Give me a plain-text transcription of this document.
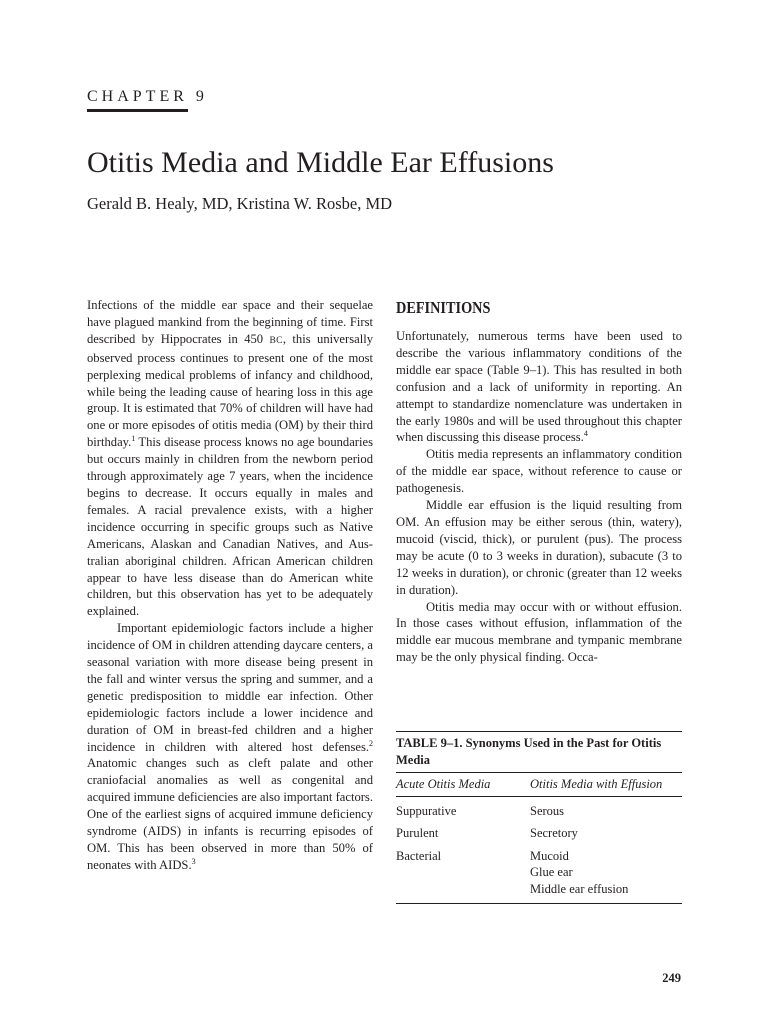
CHAPTER 9
Otitis Media and Middle Ear Effusions

Gerald B. Healy, MD, Kristina W. Rosbe, MD

Infections of the middle ear space and their sequelae have plagued mankind from the beginning of time. First described by Hippocrates in 450 BC, this universally observed process continues to present one of the most perplexing medical problems of infancy and childhood, while being the leading cause of hearing loss in this age group. It is estimated that 70% of children will have had one or more episodes of otitis media (OM) by their third birthday.$^1$ This disease process knows no age boundaries but occurs mainly in children from the newborn period through approximately age 7 years, when the incidence begins to decrease. It occurs equally in males and females. A racial prevalence exists, with a higher incidence occurring in specific groups such as Native Americans, Alaskan and Canadian Natives, and Australian aboriginal children. African American children appear to have less disease than do American white children, but this observation has yet to be adequately explained.

Important epidemiologic factors include a higher incidence of OM in children attending daycare centers, a seasonal variation with more disease being present in the fall and winter versus the spring and summer, and a genetic predisposition to middle ear infection. Other epidemiologic factors include a lower incidence and duration of OM in breast-fed children and a higher incidence in children with altered host defenses.$^2$ Anatomic changes such as cleft palate and other craniofacial anomalies as well as congenital and acquired immune deficiencies are also important factors. One of the earliest signs of acquired immune deficiency syndrome (AIDS) in infants is recurring episodes of OM. This has been observed in more than 50% of neonates with AIDS.$^3$

DEFINITIONS

Unfortunately, numerous terms have been used to describe the various inflammatory conditions of the middle ear space (Table 9–1). This has resulted in both confusion and a lack of uniformity in reporting. An attempt to standardize nomenclature was undertaken in the early 1980s and will be used throughout this chapter when discussing this disease process.$^4$

Otitis media represents an inflammatory condition of the middle ear space, without reference to cause or pathogenesis.

Middle ear effusion is the liquid resulting from OM. An effusion may be either serous (thin, watery), mucoid (viscid, thick), or purulent (pus). The process may be acute (0 to 3 weeks in duration), subacute (3 to 12 weeks in duration), or chronic (greater than 12 weeks in duration).

Otitis media may occur with or without effusion. In those cases without effusion, inflammation of the middle ear mucous membrane and tympanic membrane may be the only physical finding. Occa-

TABLE 9–1. Synonyms Used in the Past for Otitis Media
Acute Otitis Media	Otitis Media with Effusion
Suppurative	Serous
Purulent	Secretory
Bacterial	Mucoid
Glue ear
Middle ear effusion
249
